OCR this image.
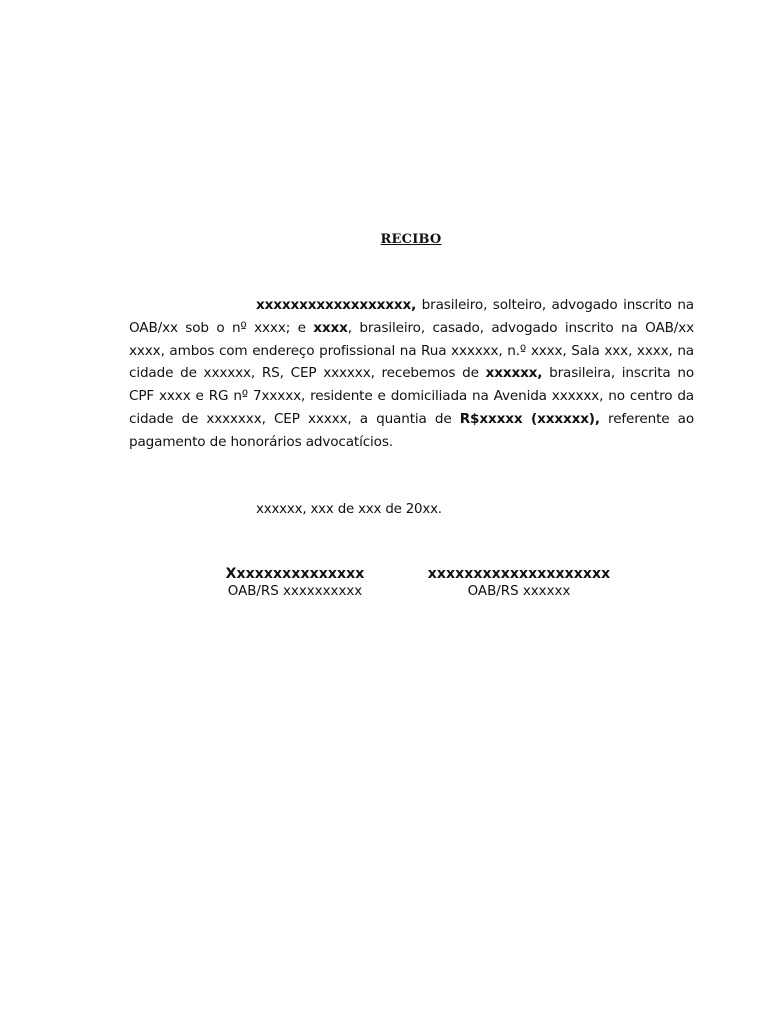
RECIBO

xxxxxxxxxxxxxxxxxx, brasileiro, solteiro, advogado inscrito na OAB/xx sob o nº xxxx; e xxxx, brasileiro, casado, advogado inscrito na OAB/xx xxxx, ambos com endereço profissional na Rua xxxxxx, n.º xxxx, Sala xxx, xxxx, na cidade de xxxxxx, RS, CEP xxxxxx, recebemos de xxxxxx, brasileira, inscrita no CPF xxxx e RG nº 7xxxxx, residente e domiciliada na Avenida xxxxxx, no centro da cidade de xxxxxxx, CEP xxxxx, a quantia de R$xxxxx (xxxxxx), referente ao pagamento de honorários advocatícios.

xxxxxx, xxx de xxx de 20xx.
Xxxxxxxxxxxxxxx
OAB/RS xxxxxxxxxx
xxxxxxxxxxxxxxxxxxxx
OAB/RS xxxxxx
